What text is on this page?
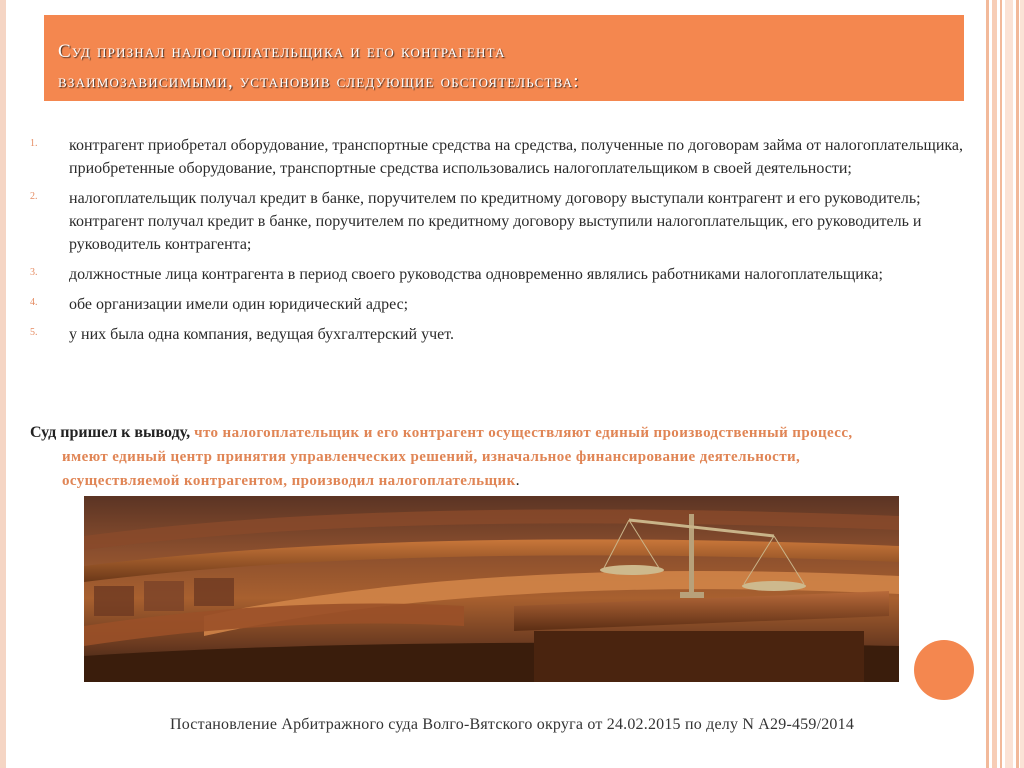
Суд признал налогоплательщика и его контрагента
взаимозависимыми, установив следующие обстоятельства:

1.	контрагент приобретал оборудование, транспортные средства на средства, полученные по договорам займа от налогоплательщика, приобретенные оборудование, транспортные средства использовались налогоплательщиком в своей деятельности;
2.	налогоплательщик получал кредит в банке, поручителем по кредитному договору выступали контрагент и его руководитель; контрагент получал кредит в банке, поручителем по кредитному договору выступили налогоплательщик, его руководитель и руководитель контрагента;
3.	должностные лица контрагента в период своего руководства одновременно являлись работниками налогоплательщика;
4.	обе организации имели один юридический адрес;
5.	у них была одна компания, ведущая бухгалтерский учет.
Суд пришел к выводу, что налогоплательщик и его контрагент осуществляют единый производственный процесс,
имеют единый центр принятия управленческих решений, изначальное финансирование деятельности,
осуществляемой контрагентом, производил налогоплательщик.
Постановление Арбитражного суда Волго-Вятского округа от 24.02.2015 по делу N А29-459/2014
